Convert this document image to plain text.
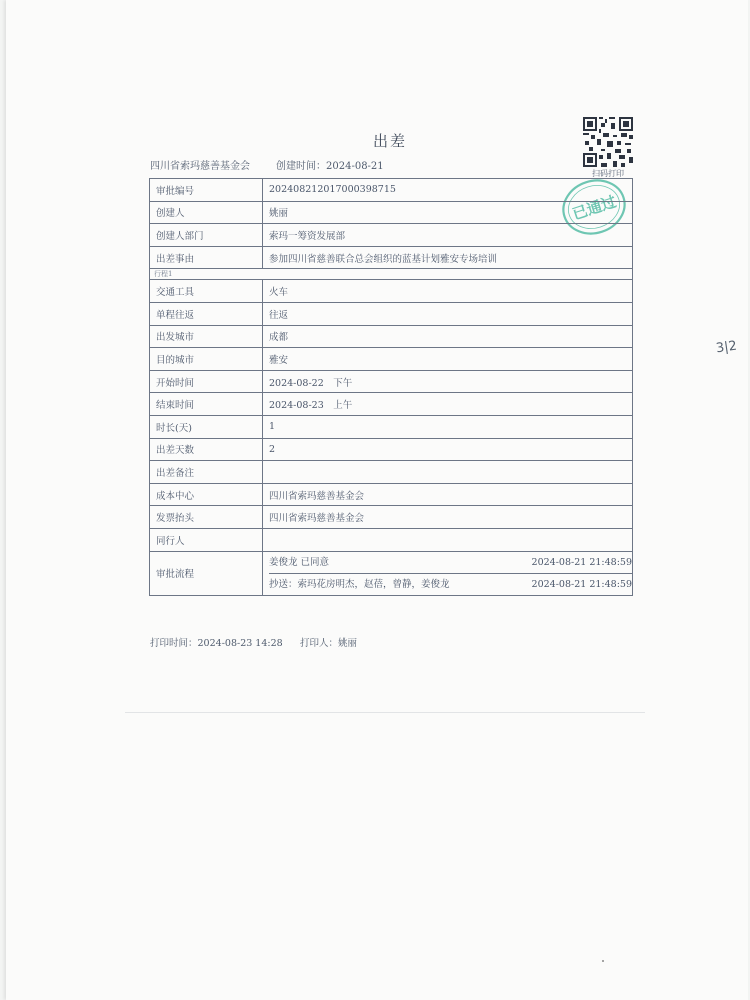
出差
四川省索玛慈善基金会	创建时间：2024-08-21
扫码打印
已通过
3|2
审批编号	202408212017000398715
创建人	姚丽
创建人部门	索玛一筹资发展部
出差事由	参加四川省慈善联合总会组织的蓝基计划雅安专场培训
行程1	
交通工具	火车
单程往返	往返
出发城市	成都
目的城市	雅安
开始时间	2024-08-22　下午
结束时间	2024-08-23　上午
时长(天)	1
出差天数	2
出差备注	
成本中心	四川省索玛慈善基金会
发票抬头	四川省索玛慈善基金会
同行人	
审批流程	姜俊龙 已同意 2024-08-21 21:48:59
抄送：索玛花房明杰，赵蓓，曾静，姜俊龙 2024-08-21 21:48:59
打印时间：2024-08-23 14:28 打印人：姚丽
